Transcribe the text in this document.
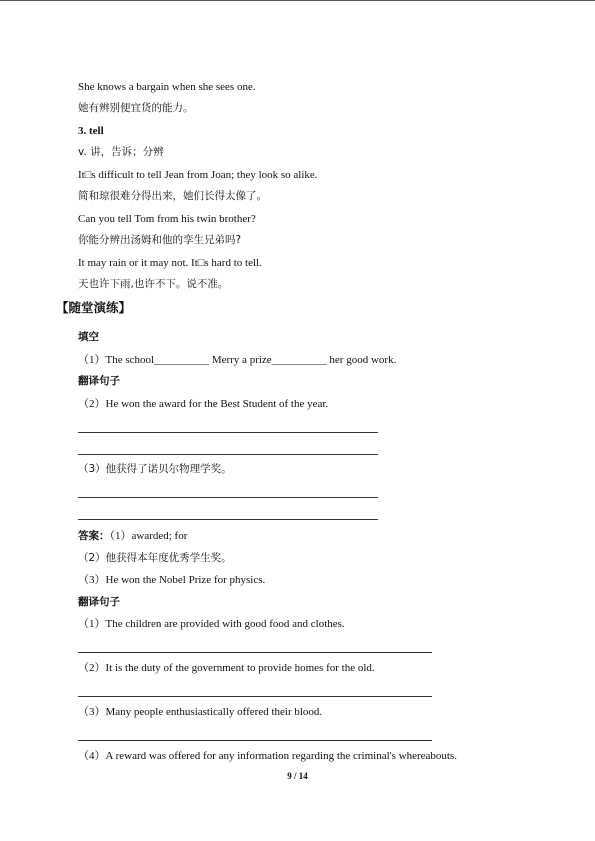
She knows a bargain when she sees one.
她有辨别便宜货的能力。
3. tell
v. 讲，告诉；分辨
It□s difficult to tell Jean from Joan; they look so alike.
简和琼很难分得出来，她们长得太像了。
Can you tell Tom from his twin brother?
你能分辨出汤姆和他的孪生兄弟吗?
It may rain or it may not. It□s hard to tell.
天也许下雨,也许不下。说不准。
【随堂演练】
填空
（1）The school__________ Merry a prize__________ her good work.
翻译句子
（2）He won the award for the Best Student of the year.
（3）他获得了诺贝尔物理学奖。
答案：（1）awarded; for
（2）他获得本年度优秀学生奖。
（3）He won the Nobel Prize for physics.
翻译句子
（1）The children are provided with good food and clothes.
（2）It is the duty of the government to provide homes for the old.
（3）Many people enthusiastically offered their blood.
（4）A reward was offered for any information regarding the criminal's whereabouts.
9 / 14
